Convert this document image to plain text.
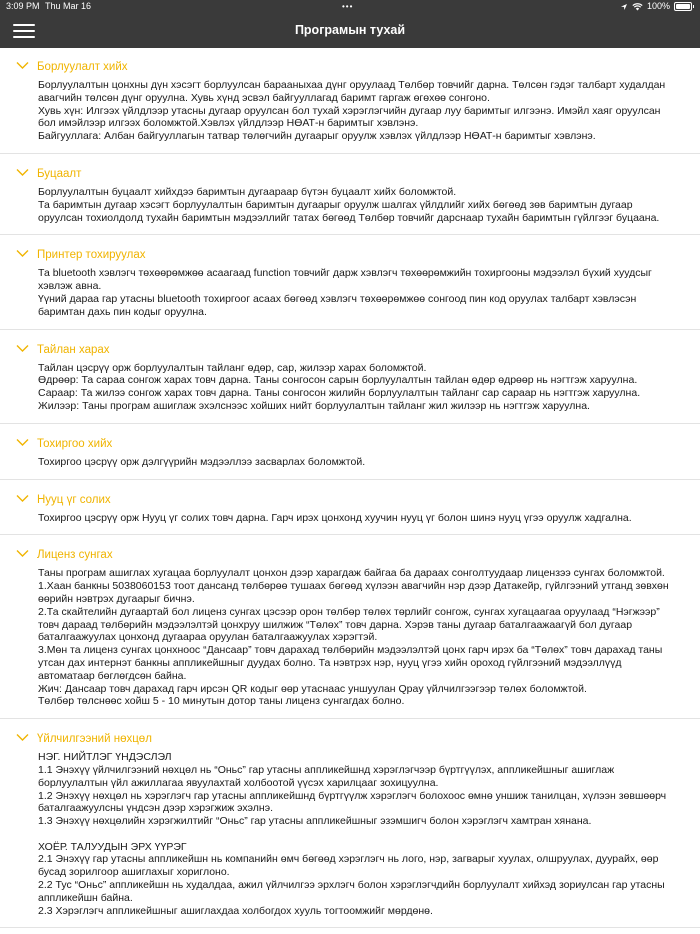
3:09 PM Thu Mar 16	•••	100%
Програмын тухай
Борлуулалт хийх
Борлуулалтын цонхны дүн хэсэгт борлуулсан барааныхаа дүнг оруулаад Төлбөр товчийг дарна. Төлсөн гэдэг талбарт худалдан авагчийн төлсөн дүнг оруулна. Хувь хүнд эсвэл байгууллагад баримт гаргаж өгөхөө сонгоно.
Хувь хүн: Илгээх үйлдлээр утасны дугаар оруулсан бол тухай хэрэглэгчийн дугаар луу баримтыг илгээнэ. Имэйл хаяг оруулсан бол имэйлээр илгээх боломжтой.Хэвлэх үйлдлээр НӨАТ-н баримтыг хэвлэнэ.
Байгууллага: Албан байгууллагын татвар төлөгчийн дугаарыг оруулж хэвлэх үйлдлээр НӨАТ-н баримтыг хэвлэнэ.
Буцаалт
Борлуулалтын буцаалт хийхдээ баримтын дугаараар бүтэн буцаалт хийх боломжтой.
Та баримтын дугаар хэсэгт борлуулалтын баримтын дугаарыг оруулж шалгах үйлдлийг хийх бөгөөд зөв баримтын дугаар оруулсан тохиолдолд тухайн баримтын мэдээллийг татах бөгөөд Төлбөр товчийг дарснаар тухайн баримтын гүйлгээг буцаана.
Принтер тохируулах
Та bluetooth хэвлэгч төхөөрөмжөө асаагаад function товчийг дарж хэвлэгч төхөөрөмжийн тохиргооны мэдээлэл бүхий хуудсыг хэвлэж авна.
Үүний дараа гар утасны bluetooth тохиргоог асаах бөгөөд хэвлэгч төхөөрөмжөө сонгоод пин код оруулах талбарт хэвлэсэн баримтан дахь пин кодыг оруулна.
Тайлан харах
Тайлан цэсрүү орж борлуулалтын тайланг өдөр, сар, жилээр харах боломжтой.
Өдрөөр: Та сараа сонгож харах товч дарна. Таны сонгосон сарын борлуулалтын тайлан өдөр өдрөөр нь нэгтгэж харуулна.
Сараар: Та жилээ сонгож харах товч дарна. Таны сонгосон жилийн борлуулалтын тайланг сар сараар нь нэгтгэж харуулна.
Жилээр: Таны програм ашиглаж эхэлснээс хойших нийт борлуулалтын тайланг жил жилээр нь нэгтгэж харуулна.
Тохиргоо хийх
Тохиргоо цэсрүү орж дэлгүүрийн мэдээллээ засварлах боломжтой.
Нууц үг солих
Тохиргоо цэсрүү орж Нууц үг солих товч дарна. Гарч ирэх цонхонд хуучин нууц үг болон шинэ нууц үгээ оруулж хадгална.
Лиценз сунгах
Таны програм ашиглах хугацаа борлуулалт цонхон дээр харагдаж байгаа ба дараах сонголтуудаар лицензээ сунгах боломжтой.
1.Хаан банкны 5038060153 тоот дансанд төлбөрөө тушаах бөгөөд хүлээн авагчийн нэр дээр Датакейр, гүйлгээний утганд зөвхөн өөрийн нэвтрэх дугаарыг бичнэ.
2.Та скайтелийн дугаартай бол лиценз сунгах цэсээр орон төлбөр төлөх төрлийг сонгож, сунгах хугацаагаа оруулаад “Нэгжээр” товч дараад төлбөрийн мэдээлэлтэй цонхруу шилжиж “Төлөх” товч дарна. Хэрэв таны дугаар баталгаажаагүй бол дугаар баталгаажуулах цонхонд дугаараа оруулан баталгаажуулах хэрэгтэй.
3.Мөн та лиценз сунгах цонхноос “Дансаар” товч дарахад төлбөрийн мэдээлэлтэй цонх гарч ирэх ба “Төлөх” товч дарахад таны утсан дах интернэт банкны аппликейшныг дуудах болно. Та нэвтрэх нэр, нууц үгээ хийн ороход гүйлгээний мэдээллүүд автоматаар бөглөгдсөн байна.
Жич: Дансаар товч дарахад гарч ирсэн QR кодыг өөр утаснаас уншуулан Qpay үйлчилгээгээр төлөх боломжтой.
Төлбөр төлснөөс хойш 5 - 10 минутын дотор таны лиценз сунгагдах болно.
Үйлчилгээний нөхцөл
НЭГ. НИЙТЛЭГ ҮНДЭСЛЭЛ
1.1 Энэхүү үйлчилгээний нөхцөл нь “Оньс” гар утасны аппликейшнд хэрэглэгчээр бүртгүүлэх, аппликейшныг ашиглаж борлуулалтын үйл ажиллагаа явуулахтай холбоотой үүсэх харилцааг зохицуулна.
1.2 Энэхүү нөхцөл нь хэрэглэгч гар утасны аппликейшнд бүртгүүлж хэрэглэгч болохоос өмнө уншиж танилцан, хүлээн зөвшөөрч баталгаажуулсны үндсэн дээр хэрэгжиж эхэлнэ.
1.3 Энэхүү нөхцөлийн хэрэгжилтийг “Оньс” гар утасны аппликейшныг эзэмшигч болон хэрэглэгч хамтран хянана.

ХОЁР. ТАЛУУДЫН ЭРХ ҮҮРЭГ
2.1 Энэхүү гар утасны аппликейшн нь компанийн өмч бөгөөд хэрэглэгч нь лого, нэр, загварыг хуулах, олшруулах, дуурайх, өөр бусад зорилгоор ашиглахыг хориглоно.
2.2 Тус “Оньс” аппликейшн нь худалдаа, ажил үйлчилгээ эрхлэгч болон хэрэглэгчдийн борлуулалт хийхэд зориулсан гар утасны аппликейшн байна.
2.3 Хэрэглэгч аппликейшныг ашиглахдаа холбогдох хууль тогтоомжийг мөрдөнө.
